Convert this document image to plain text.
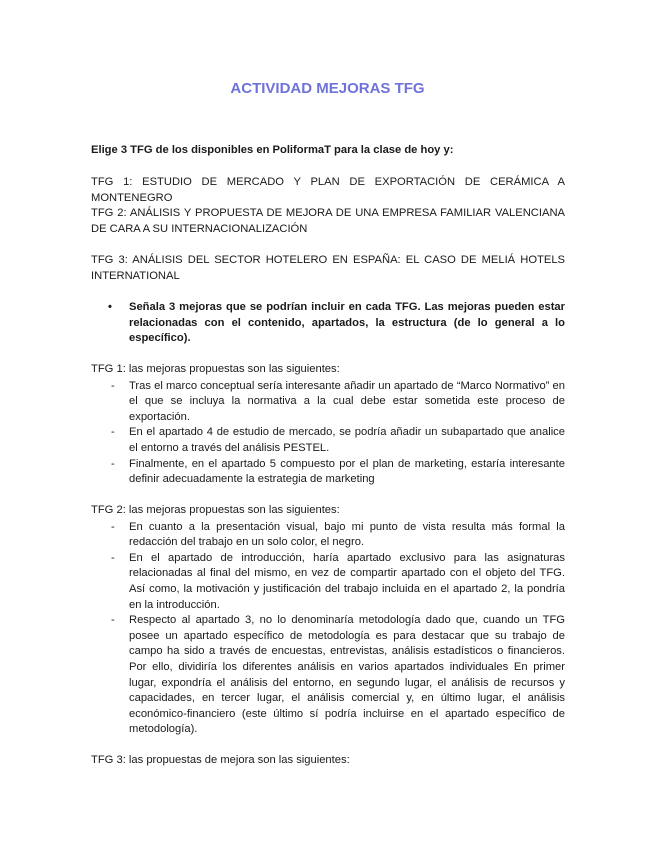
ACTIVIDAD MEJORAS TFG

Elige 3 TFG de los disponibles en PoliformaT para la clase de hoy y:

TFG 1: ESTUDIO DE MERCADO Y PLAN DE EXPORTACIÓN DE CERÁMICA A MONTENEGRO

TFG 2: ANÁLISIS Y PROPUESTA DE MEJORA DE UNA EMPRESA FAMILIAR VALENCIANA DE CARA A SU INTERNACIONALIZACIÓN

TFG 3: ANÁLISIS DEL SECTOR HOTELERO EN ESPAÑA: EL CASO DE MELIÁ HOTELS INTERNATIONAL

• Señala 3 mejoras que se podrían incluir en cada TFG. Las mejoras pueden estar relacionadas con el contenido, apartados, la estructura (de lo general a lo específico).

TFG 1: las mejoras propuestas son las siguientes:

- Tras el marco conceptual sería interesante añadir un apartado de “Marco Normativo” en el que se incluya la normativa a la cual debe estar sometida este proceso de exportación.
- En el apartado 4 de estudio de mercado, se podría añadir un subapartado que analice el entorno a través del análisis PESTEL.
- Finalmente, en el apartado 5 compuesto por el plan de marketing, estaría interesante definir adecuadamente la estrategia de marketing

TFG 2: las mejoras propuestas son las siguientes:

- En cuanto a la presentación visual, bajo mi punto de vista resulta más formal la redacción del trabajo en un solo color, el negro.
- En el apartado de introducción, haría apartado exclusivo para las asignaturas relacionadas al final del mismo, en vez de compartir apartado con el objeto del TFG. Así como, la motivación y justificación del trabajo incluida en el apartado 2, la pondría en la introducción.
- Respecto al apartado 3, no lo denominaría metodología dado que, cuando un TFG posee un apartado específico de metodología es para destacar que su trabajo de campo ha sido a través de encuestas, entrevistas, análisis estadísticos o financieros. Por ello, dividiría los diferentes análisis en varios apartados individuales En primer lugar, expondría el análisis del entorno, en segundo lugar, el análisis de recursos y capacidades, en tercer lugar, el análisis comercial y, en último lugar, el análisis económico-financiero (este último sí podría incluirse en el apartado específico de metodología).

TFG 3: las propuestas de mejora son las siguientes:
